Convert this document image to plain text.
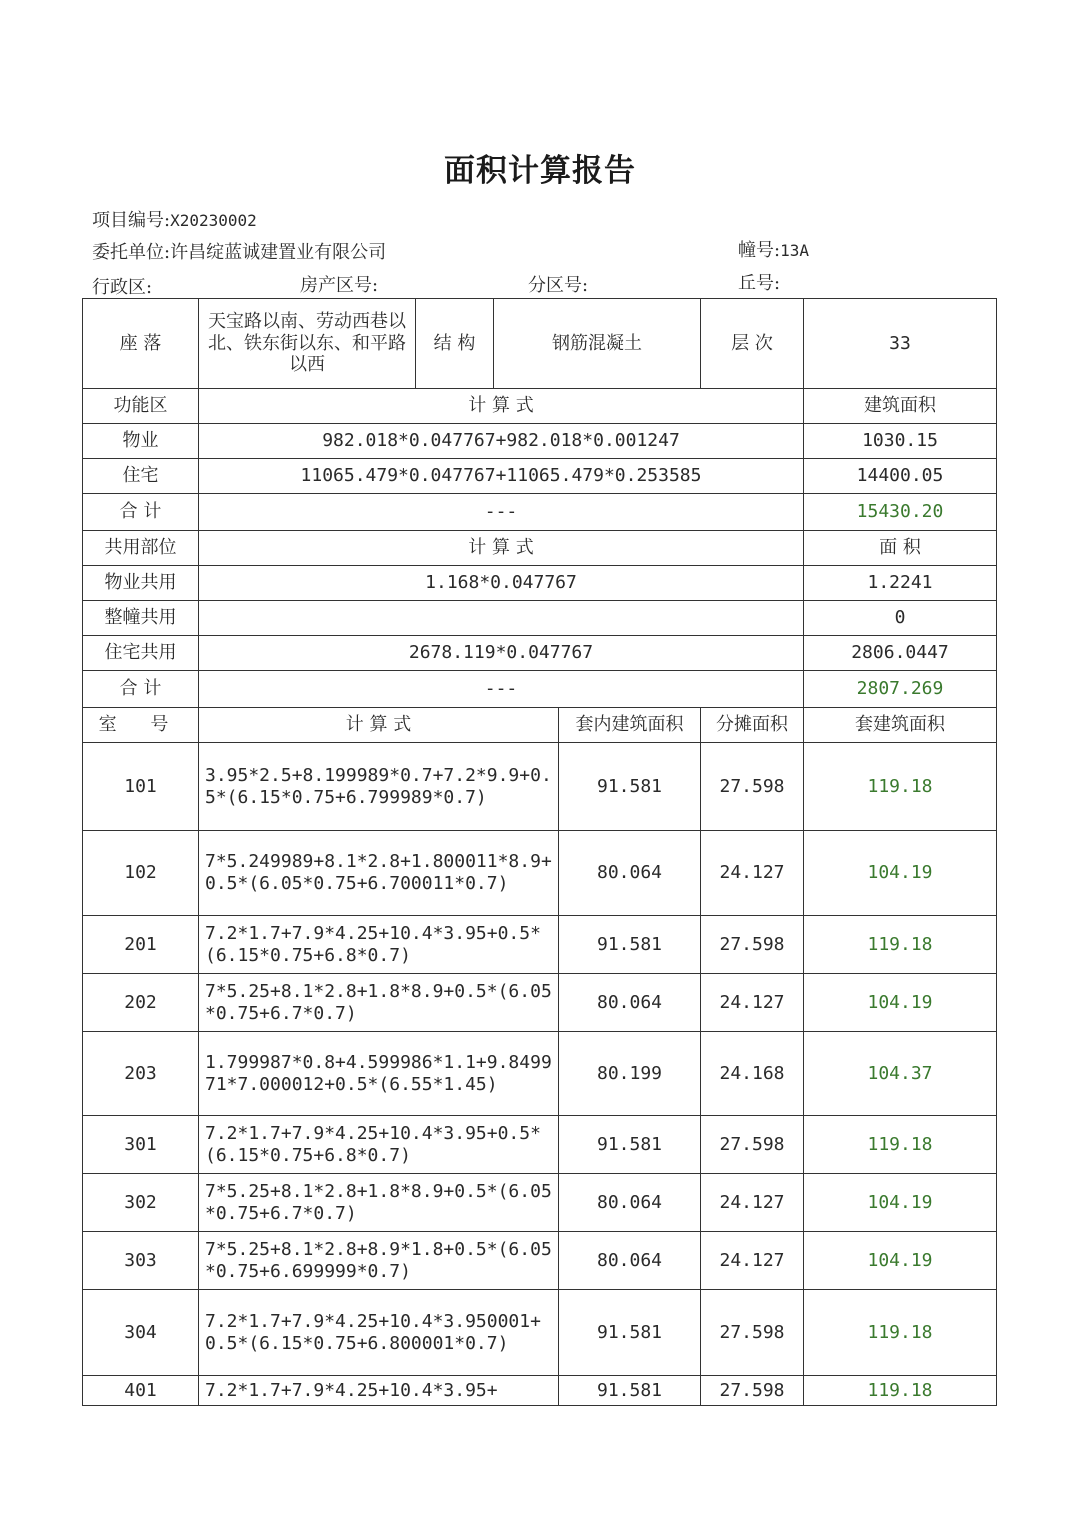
面积计算报告
项目编号:X20230002
委托单位:许昌绽蓝诚建置业有限公司	幢号:13A
行政区:	房产区号:	分区号:	丘号:
座 落	天宝路以南、劳动西巷以北、铁东街以东、和平路以西	结 构	钢筋混凝土		层 次	33
功能区	计 算 式					建筑面积
物业	982.018*0.047767+982.018*0.001247					1030.15
住宅	11065.479*0.047767+11065.479*0.253585					14400.05
合 计	---					15430.20
共用部位	计 算 式					面 积
物业共用	1.168*0.047767					1.2241
整幢共用						0
住宅共用	2678.119*0.047767					2806.0447
合 计	---					2807.269
室 号	计 算 式			套内建筑面积	分摊面积	套建筑面积
101	3.95*2.5+8.199989*0.7+7.2*9.9+0.5*(6.15*0.75+6.799989*0.7)			91.581	27.598	119.18
102	7*5.249989+8.1*2.8+1.800011*8.9+0.5*(6.05*0.75+6.700011*0.7)			80.064	24.127	104.19
201	7.2*1.7+7.9*4.25+10.4*3.95+0.5*(6.15*0.75+6.8*0.7)			91.581	27.598	119.18
202	7*5.25+8.1*2.8+1.8*8.9+0.5*(6.05*0.75+6.7*0.7)			80.064	24.127	104.19
203	1.799987*0.8+4.599986*1.1+9.849971*7.000012+0.5*(6.55*1.45)			80.199	24.168	104.37
301	7.2*1.7+7.9*4.25+10.4*3.95+0.5*(6.15*0.75+6.8*0.7)			91.581	27.598	119.18
302	7*5.25+8.1*2.8+1.8*8.9+0.5*(6.05*0.75+6.7*0.7)			80.064	24.127	104.19
303	7*5.25+8.1*2.8+8.9*1.8+0.5*(6.05*0.75+6.699999*0.7)			80.064	24.127	104.19
304	7.2*1.7+7.9*4.25+10.4*3.950001+0.5*(6.15*0.75+6.800001*0.7)			91.581	27.598	119.18
401	7.2*1.7+7.9*4.25+10.4*3.95+			91.581	27.598	119.18
